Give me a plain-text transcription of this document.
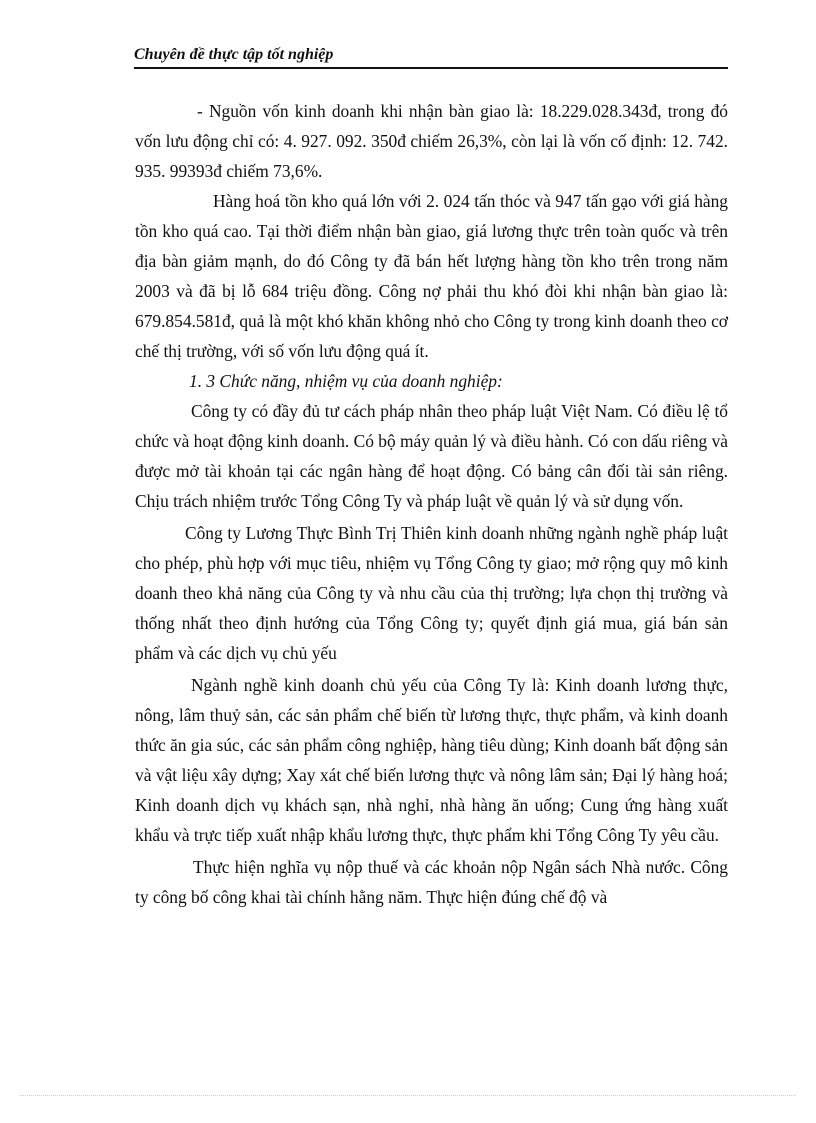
Chuyên đề thực tập tốt nghiệp

- Nguồn vốn kinh doanh khi nhận bàn giao là: 18.229.028.343đ, trong đó vốn lưu động chỉ có: 4. 927. 092. 350đ chiếm 26,3%, còn lại là vốn cố định: 12. 742. 935. 99393đ chiếm 73,6%.

Hàng hoá tồn kho quá lớn với 2. 024 tấn thóc và 947 tấn gạo với giá hàng tồn kho quá cao. Tại thời điểm nhận bàn giao, giá lương thực trên toàn quốc và trên địa bàn giảm mạnh, do đó Công ty đã bán hết lượng hàng tồn kho trên trong năm 2003 và đã bị lỗ 684 triệu đồng. Công nợ phải thu khó đòi khi nhận bàn giao là: 679.854.581đ, quả là một khó khăn không nhỏ cho Công ty trong kinh doanh theo cơ chế thị trường, với số vốn lưu động quá ít.

1. 3 Chức năng, nhiệm vụ của doanh nghiệp:

Công ty có đầy đủ tư cách pháp nhân theo pháp luật Việt Nam. Có điều lệ tổ chức và hoạt động kinh doanh. Có bộ máy quản lý và điều hành. Có con dấu riêng và được mở tài khoản tại các ngân hàng để hoạt động. Có bảng cân đối tài sản riêng. Chịu trách nhiệm trước Tổng Công Ty và pháp luật về quản lý và sử dụng vốn.

Công ty Lương Thực Bình Trị Thiên kinh doanh những ngành nghề pháp luật cho phép, phù hợp với mục tiêu, nhiệm vụ Tổng Công ty giao; mở rộng quy mô kinh doanh theo khả năng của Công ty và nhu cầu của thị trường; lựa chọn thị trường và thống nhất theo định hướng của Tổng Công ty; quyết định giá mua, giá bán sản phẩm và các dịch vụ chủ yếu

Ngành nghề kinh doanh chủ yếu của Công Ty là: Kinh doanh lương thực, nông, lâm thuỷ sản, các sản phẩm chế biến từ lương thực, thực phẩm, và kinh doanh thức ăn gia súc, các sản phẩm công nghiệp, hàng tiêu dùng; Kinh doanh bất động sản và vật liệu xây dựng; Xay xát chế biến lương thực và nông lâm sản; Đại lý hàng hoá; Kinh doanh dịch vụ khách sạn, nhà nghỉ, nhà hàng ăn uống; Cung ứng hàng xuất khẩu và trực tiếp xuất nhập khẩu lương thực, thực phẩm khi Tổng Công Ty yêu cầu.

Thực hiện nghĩa vụ nộp thuế và các khoản nộp Ngân sách Nhà nước. Công ty công bố công khai tài chính hằng năm. Thực hiện đúng chế độ và
